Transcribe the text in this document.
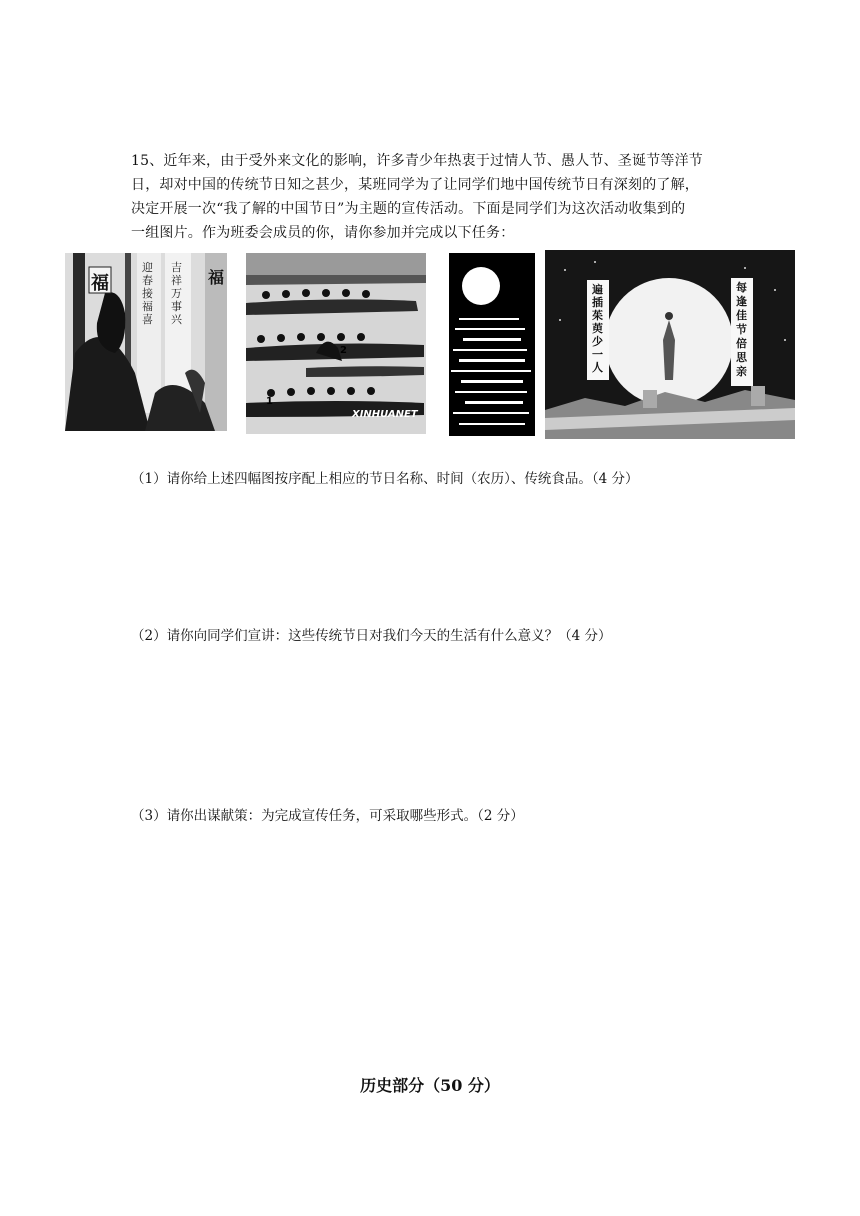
15、近年来，由于受外来文化的影响，许多青少年热衷于过情人节、愚人节、圣诞节等洋节
日，却对中国的传统节日知之甚少，某班同学为了让同学们地中国传统节日有深刻的了解，
决定开展一次“我了解的中国节日”为主题的宣传活动。下面是同学们为这次活动收集到的
一组图片。作为班委会成员的你，请你参加并完成以下任务：
福	福
迎春接福喜
吉祥万事兴
XINHUANET
1
2
遍插茱萸少一人
每逢佳节倍思亲
（1）请你给上述四幅图按序配上相应的节日名称、时间（农历）、传统食品。（4 分）
（2）请你向同学们宣讲：这些传统节日对我们今天的生活有什么意义？（4 分）
（3）请你出谋献策：为完成宣传任务，可采取哪些形式。（2 分）
历史部分（50 分）
